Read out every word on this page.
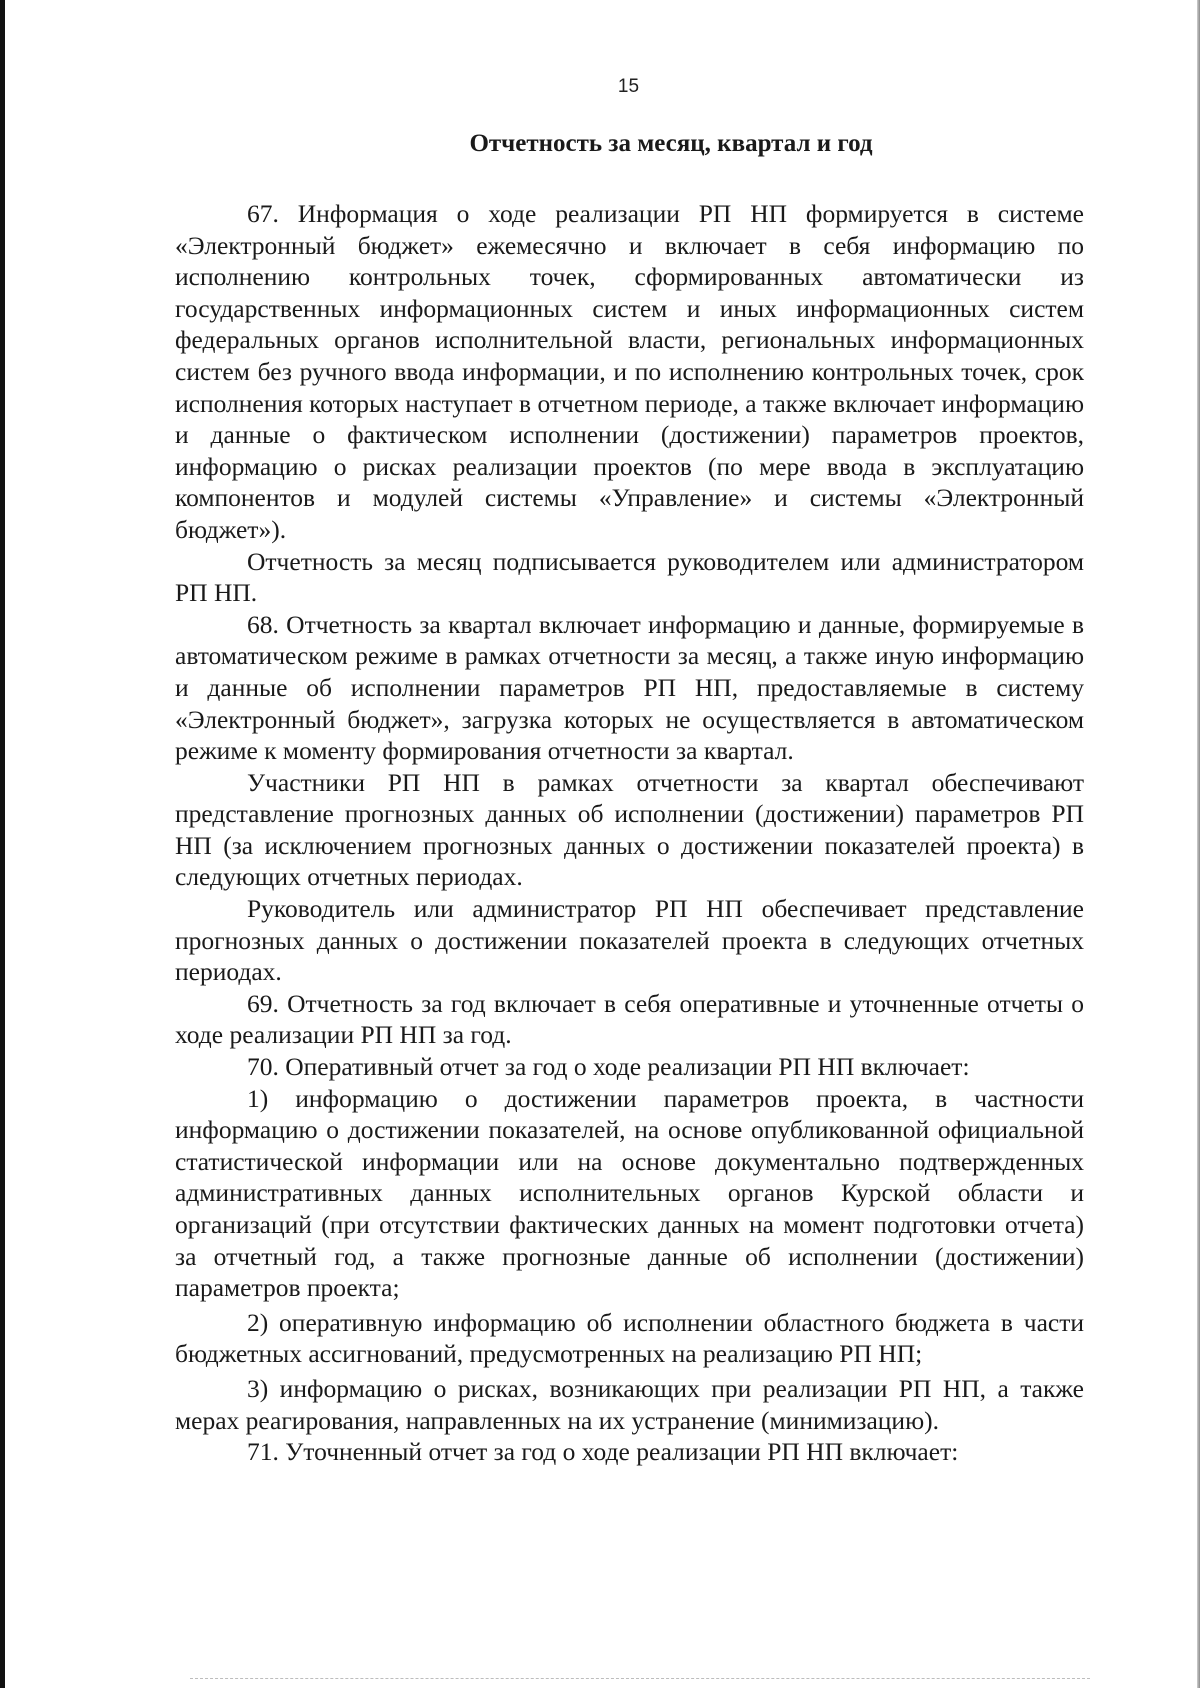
15
Отчетность за месяц, квартал и год

67. Информация о ходе реализации РП НП формируется в системе «Электронный бюджет» ежемесячно и включает в себя информацию по исполнению контрольных точек, сформированных автоматически из государственных информационных систем и иных информационных систем федеральных органов исполнительной власти, региональных информационных систем без ручного ввода информации, и по исполнению контрольных точек, срок исполнения которых наступает в отчетном периоде, а также включает информацию и данные о фактическом исполнении (достижении) параметров проектов, информацию о рисках реализации проектов (по мере ввода в эксплуатацию компонентов и модулей системы «Управление» и системы «Электронный бюджет»).

Отчетность за месяц подписывается руководителем или администратором РП НП.

68. Отчетность за квартал включает информацию и данные, формируемые в автоматическом режиме в рамках отчетности за месяц, а также иную информацию и данные об исполнении параметров РП НП, предоставляемые в систему «Электронный бюджет», загрузка которых не осуществляется в автоматическом режиме к моменту формирования отчетности за квартал.

Участники РП НП в рамках отчетности за квартал обеспечивают представление прогнозных данных об исполнении (достижении) параметров РП НП (за исключением прогнозных данных о достижении показателей проекта) в следующих отчетных периодах.

Руководитель или администратор РП НП обеспечивает представление прогнозных данных о достижении показателей проекта в следующих отчетных периодах.

69. Отчетность за год включает в себя оперативные и уточненные отчеты о ходе реализации РП НП за год.

70. Оперативный отчет за год о ходе реализации РП НП включает:

1) информацию о достижении параметров проекта, в частности информацию о достижении показателей, на основе опубликованной официальной статистической информации или на основе документально подтвержденных административных данных исполнительных органов Курской области и организаций (при отсутствии фактических данных на момент подготовки отчета) за отчетный год, а также прогнозные данные об исполнении (достижении) параметров проекта;

2) оперативную информацию об исполнении областного бюджета в части бюджетных ассигнований, предусмотренных на реализацию РП НП;

3) информацию о рисках, возникающих при реализации РП НП, а также мерах реагирования, направленных на их устранение (минимизацию).

71. Уточненный отчет за год о ходе реализации РП НП включает:
